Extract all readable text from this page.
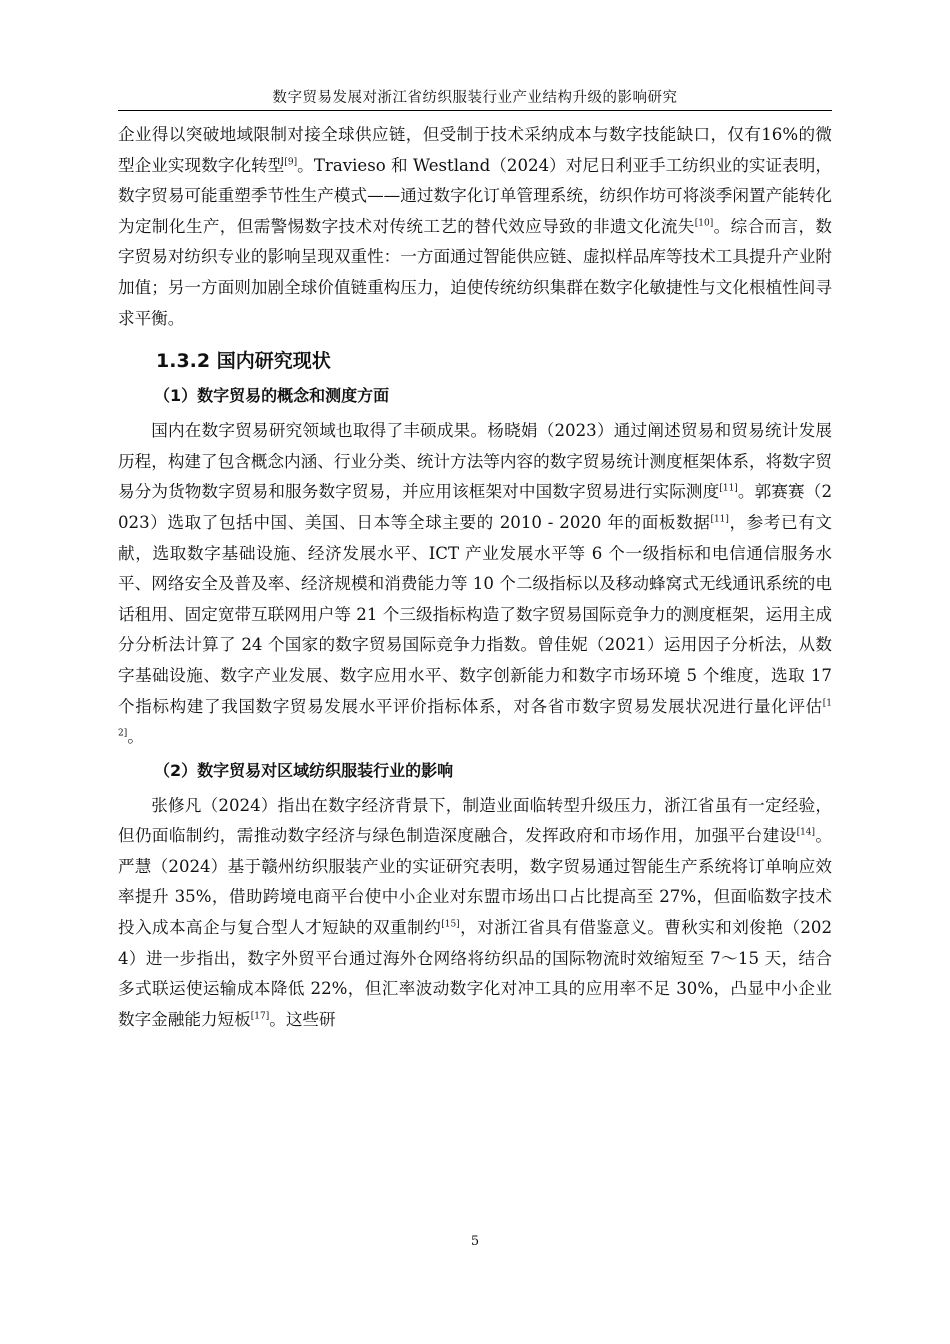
数字贸易发展对浙江省纺织服装行业产业结构升级的影响研究

企业得以突破地域限制对接全球供应链，但受制于技术采纳成本与数字技能缺口，仅有16%的微型企业实现数字化转型[9]。Travieso 和 Westland（2024）对尼日利亚手工纺织业的实证表明，数字贸易可能重塑季节性生产模式——通过数字化订单管理系统，纺织作坊可将淡季闲置产能转化为定制化生产，但需警惕数字技术对传统工艺的替代效应导致的非遗文化流失[10]。综合而言，数字贸易对纺织专业的影响呈现双重性：一方面通过智能供应链、虚拟样品库等技术工具提升产业附加值；另一方面则加剧全球价值链重构压力，迫使传统纺织集群在数字化敏捷性与文化根植性间寻求平衡。

1.3.2 国内研究现状
（1）数字贸易的概念和测度方面

国内在数字贸易研究领域也取得了丰硕成果。杨晓娟（2023）通过阐述贸易和贸易统计发展历程，构建了包含概念内涵、行业分类、统计方法等内容的数字贸易统计测度框架体系，将数字贸易分为货物数字贸易和服务数字贸易，并应用该框架对中国数字贸易进行实际测度[11]。郭赛赛（2023）选取了包括中国、美国、日本等全球主要的 2010 - 2020 年的面板数据[11]，参考已有文献，选取数字基础设施、经济发展水平、ICT 产业发展水平等 6 个一级指标和电信通信服务水平、网络安全及普及率、经济规模和消费能力等 10 个二级指标以及移动蜂窝式无线通讯系统的电话租用、固定宽带互联网用户等 21 个三级指标构造了数字贸易国际竞争力的测度框架，运用主成分分析法计算了 24 个国家的数字贸易国际竞争力指数。曾佳妮（2021）运用因子分析法，从数字基础设施、数字产业发展、数字应用水平、数字创新能力和数字市场环境 5 个维度，选取 17 个指标构建了我国数字贸易发展水平评价指标体系，对各省市数字贸易发展状况进行量化评估[12]。

（2）数字贸易对区域纺织服装行业的影响

张修凡（2024）指出在数字经济背景下，制造业面临转型升级压力，浙江省虽有一定经验，但仍面临制约，需推动数字经济与绿色制造深度融合，发挥政府和市场作用，加强平台建设[14]。严慧（2024）基于赣州纺织服装产业的实证研究表明，数字贸易通过智能生产系统将订单响应效率提升 35%，借助跨境电商平台使中小企业对东盟市场出口占比提高至 27%，但面临数字技术投入成本高企与复合型人才短缺的双重制约[15]，对浙江省具有借鉴意义。曹秋实和刘俊艳（2024）进一步指出，数字外贸平台通过海外仓网络将纺织品的国际物流时效缩短至 7～15 天，结合多式联运使运输成本降低 22%，但汇率波动数字化对冲工具的应用率不足 30%，凸显中小企业数字金融能力短板[17]。这些研

5
